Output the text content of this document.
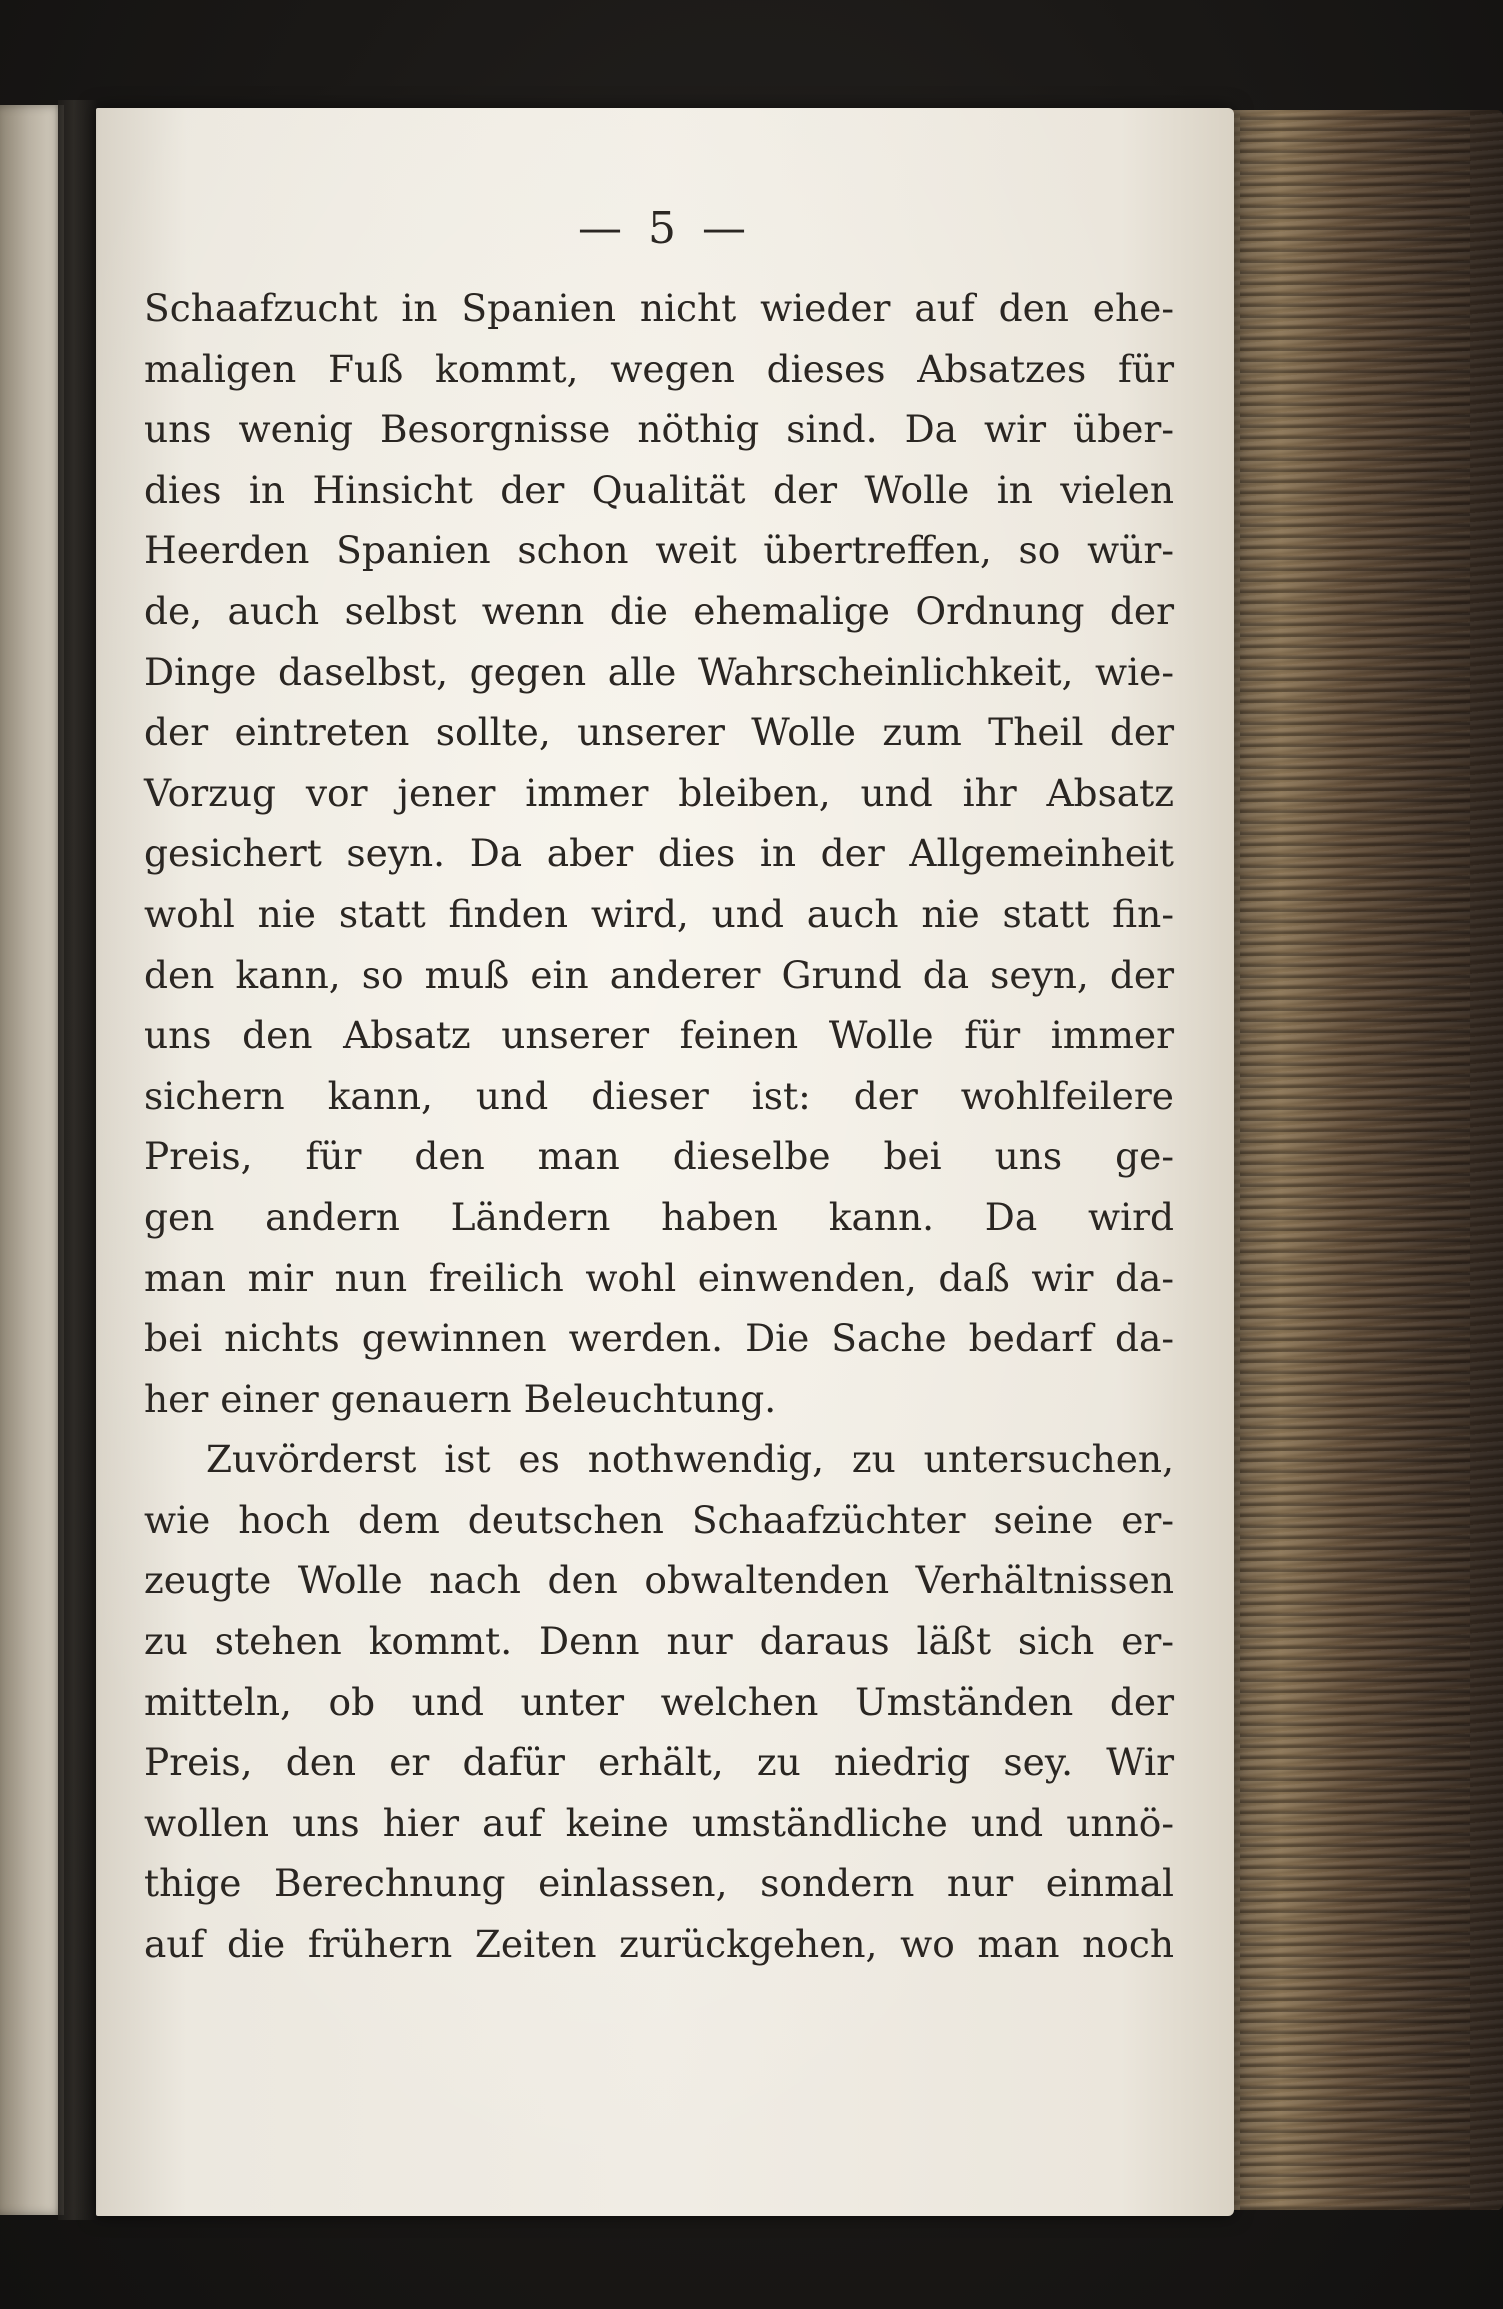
— 5 —
Schaafzucht in Spanien nicht wieder auf den ehe-
maligen Fuß kommt, wegen dieses Absatzes für
uns wenig Besorgnisse nöthig sind. Da wir über-
dies in Hinsicht der Qualität der Wolle in vielen
Heerden Spanien schon weit übertreffen, so wür-
de, auch selbst wenn die ehemalige Ordnung der
Dinge daselbst, gegen alle Wahrscheinlichkeit, wie-
der eintreten sollte, unserer Wolle zum Theil der
Vorzug vor jener immer bleiben, und ihr Absatz
gesichert seyn. Da aber dies in der Allgemeinheit
wohl nie statt finden wird, und auch nie statt fin-
den kann, so muß ein anderer Grund da seyn, der
uns den Absatz unserer feinen Wolle für immer
sichern kann, und dieser ist: der wohlfeilere
Preis, für den man dieselbe bei uns ge-
gen andern Ländern haben kann. Da wird
man mir nun freilich wohl einwenden, daß wir da-
bei nichts gewinnen werden. Die Sache bedarf da-
her einer genauern Beleuchtung.
Zuvörderst ist es nothwendig, zu untersuchen,
wie hoch dem deutschen Schaafzüchter seine er-
zeugte Wolle nach den obwaltenden Verhältnissen
zu stehen kommt. Denn nur daraus läßt sich er-
mitteln, ob und unter welchen Umständen der
Preis, den er dafür erhält, zu niedrig sey. Wir
wollen uns hier auf keine umständliche und unnö-
thige Berechnung einlassen, sondern nur einmal
auf die frühern Zeiten zurückgehen, wo man noch
